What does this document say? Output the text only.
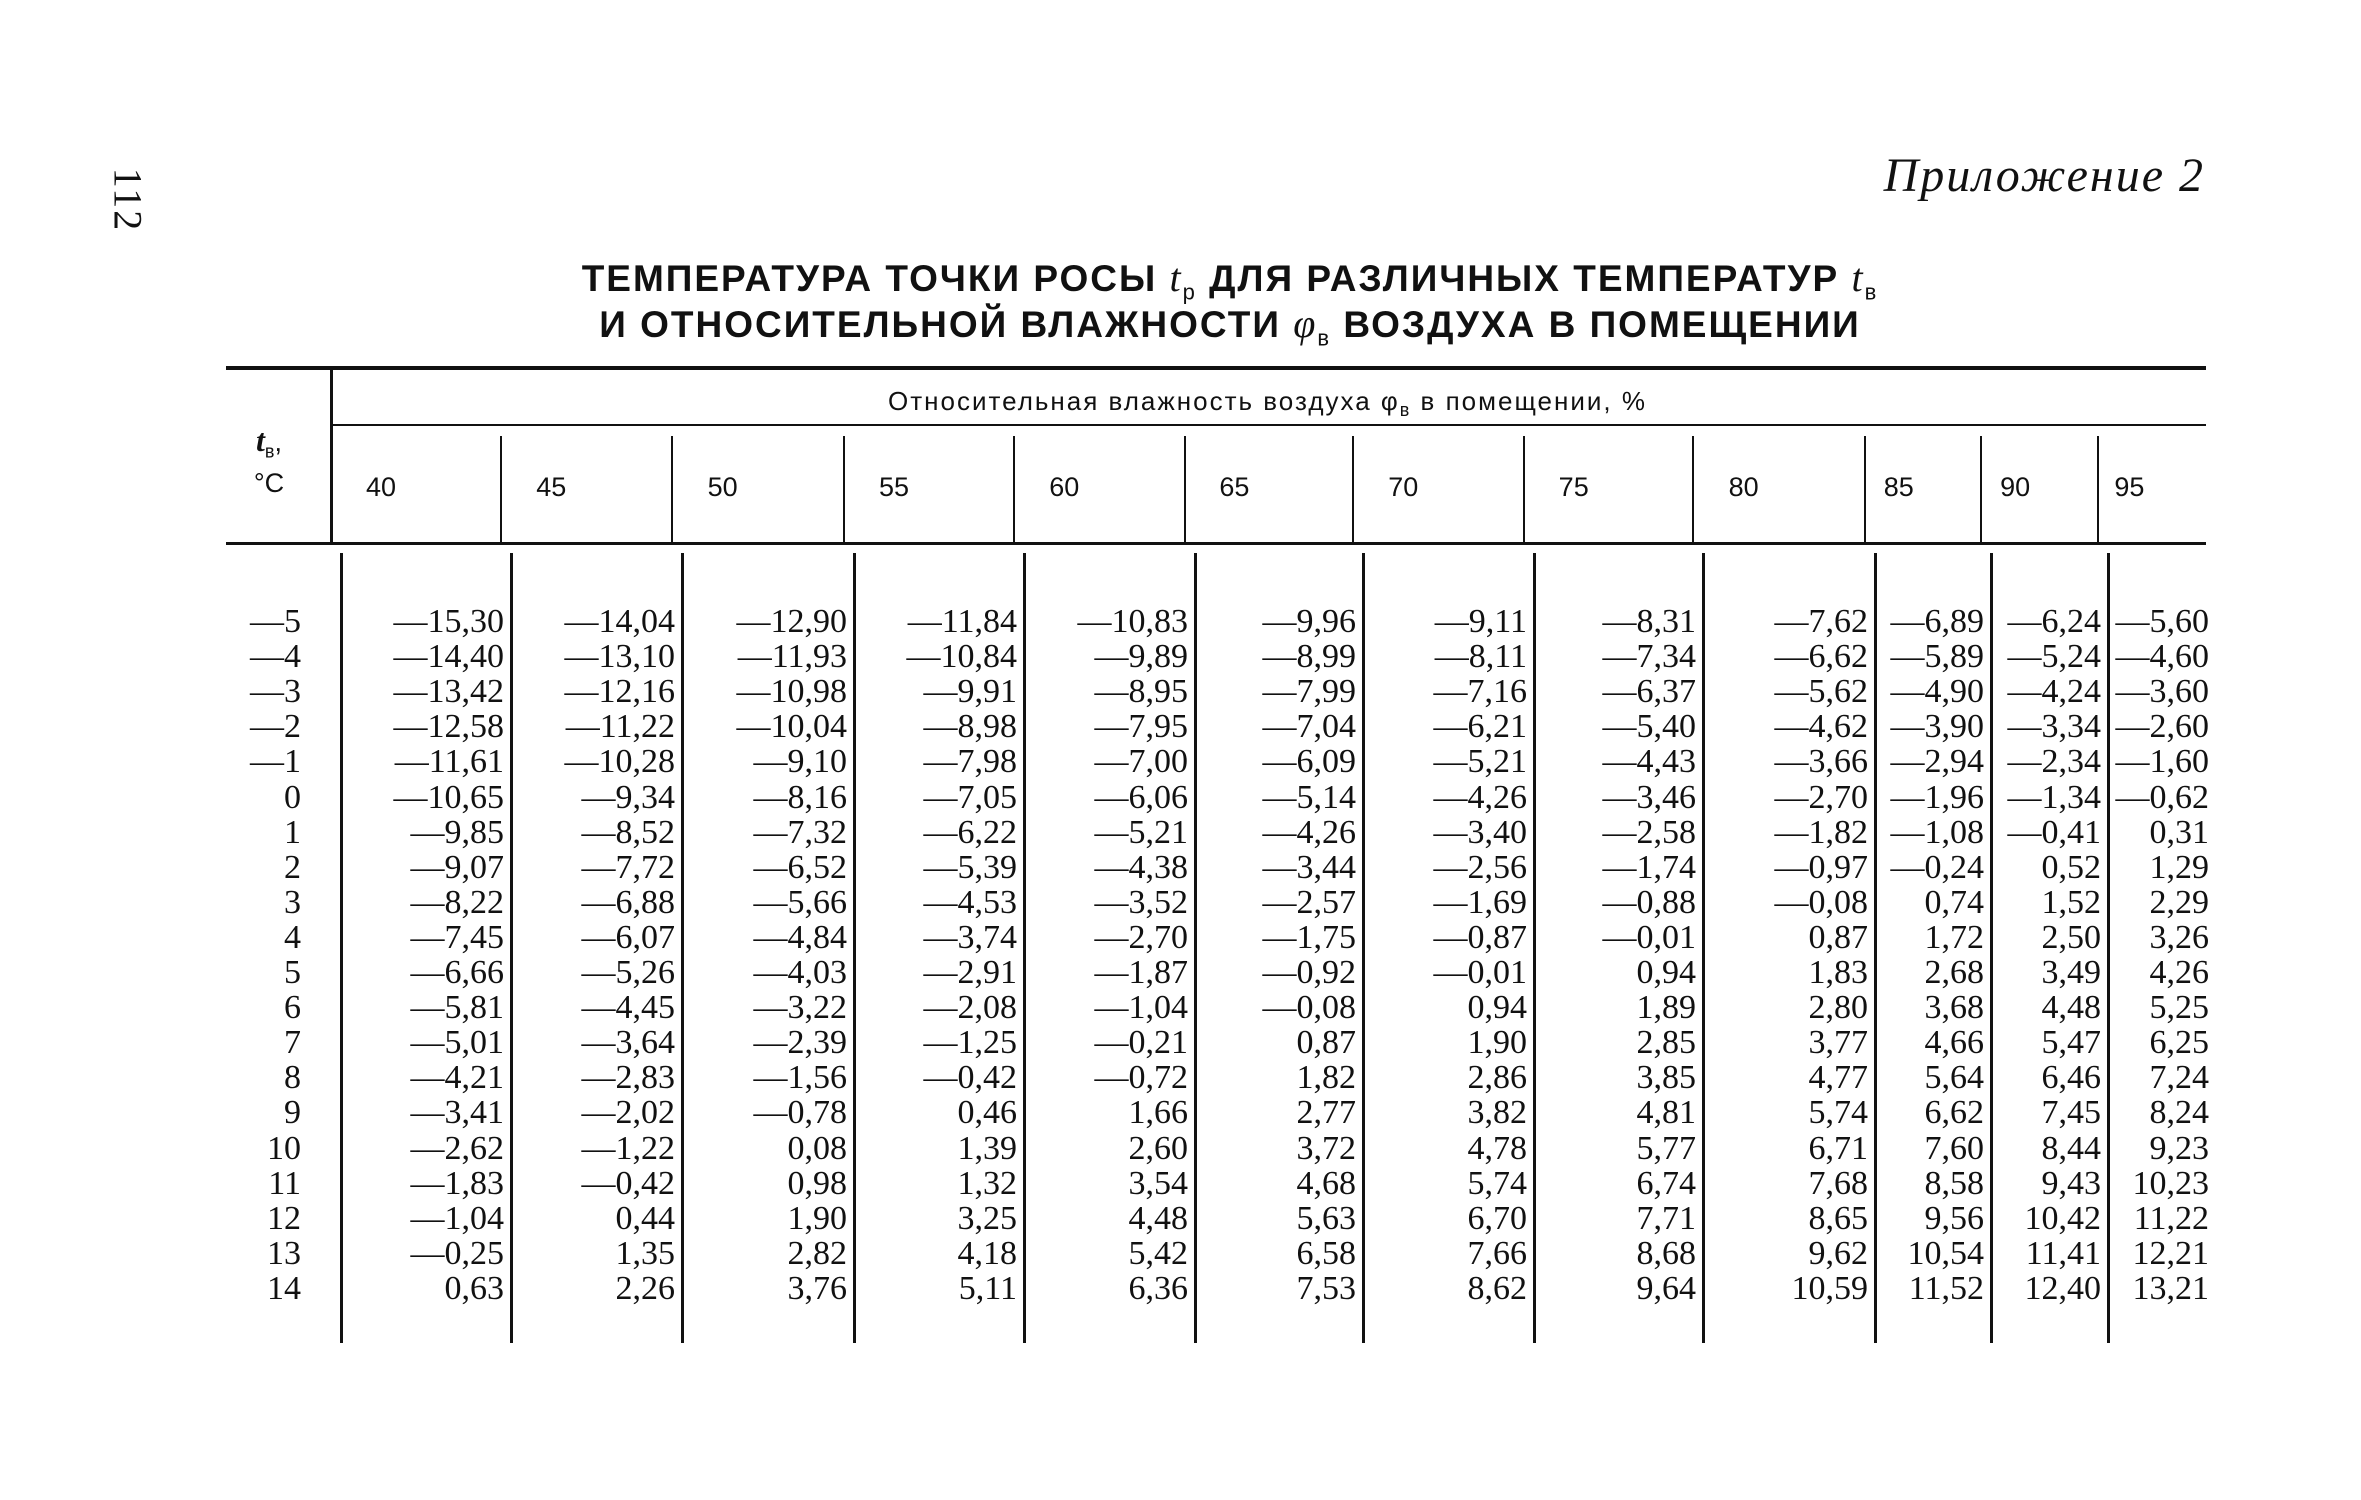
112	Приложение 2
ТЕМПЕРАТУРА ТОЧКИ РОСЫ $t_р$ ДЛЯ РАЗЛИЧНЫХ ТЕМПЕРАТУР $t_в$
И ОТНОСИТЕЛЬНОЙ ВЛАЖНОСТИ $\varphi_в$ ВОЗДУХА В ПОМЕЩЕНИИ
Относительная влажность воздуха $\varphi_в$ в помещении, %
$t_в$,
°C	40	45	50	55	60	65	70	75	80	85	90	95
—5	—15,30	—14,04	—12,90	—11,84	—10,83	—9,96	—9,11	—8,31	—7,62 —6,89 —6,24 —5,60
—4	—14,40	—13,10	—11,93	—10,84	—9,89	—8,99	—8,11	—7,34	—6,62 —5,89 —5,24 —4,60
—3	—13,42	—12,16	—10,98	—9,91	—8,95	—7,99	—7,16	—6,37	—5,62 —4,90 —4,24 —3,60
—2	—12,58	—11,22	—10,04	—8,98	—7,95	—7,04	—6,21	—5,40	—4,62 —3,90 —3,34 —2,60
—1	—11,61	—10,28	—9,10	—7,98	—7,00	—6,09	—5,21	—4,43	—3,66 —2,94 —2,34 —1,60
0	—10,65	—9,34	—8,16	—7,05	—6,06	—5,14	—4,26	—3,46	—2,70 —1,96 —1,34 —0,62
1	—9,85	—8,52	—7,32	—6,22	—5,21	—4,26	—3,40	—2,58	—1,82 —1,08 —0,41	0,31
2	—9,07	—7,72	—6,52	—5,39	—4,38	—3,44	—2,56	—1,74	—0,97 —0,24	0,52	1,29
3	—8,22	—6,88	—5,66	—4,53	—3,52	—2,57	—1,69	—0,88	—0,08	0,74	1,52	2,29
4	—7,45	—6,07	—4,84	—3,74	—2,70	—1,75	—0,87	—0,01	0,87	1,72	2,50	3,26
5	—6,66	—5,26	—4,03	—2,91	—1,87	—0,92	—0,01	0,94	1,83	2,68	3,49	4,26
6	—5,81	—4,45	—3,22	—2,08	—1,04	—0,08	0,94	1,89	2,80	3,68	4,48	5,25
7	—5,01	—3,64	—2,39	—1,25	—0,21	0,87	1,90	2,85	3,77	4,66	5,47	6,25
8	—4,21	—2,83	—1,56	—0,42	—0,72	1,82	2,86	3,85	4,77	5,64	6,46	7,24
9	—3,41	—2,02	—0,78	0,46	1,66	2,77	3,82	4,81	5,74	6,62	7,45	8,24
10	—2,62	—1,22	0,08	1,39	2,60	3,72	4,78	5,77	6,71	7,60	8,44	9,23
11	—1,83	—0,42	0,98	1,32	3,54	4,68	5,74	6,74	7,68	8,58	9,43 10,23
12	—1,04	0,44	1,90	3,25	4,48	5,63	6,70	7,71	8,65	9,56	10,42 11,22
13	—0,25	1,35	2,82	4,18	5,42	6,58	7,66	8,68	9,62	10,54	11,41 12,21
14	0,63	2,26	3,76	5,11	6,36	7,53	8,62	9,64	10,59	11,52	12,40 13,21
